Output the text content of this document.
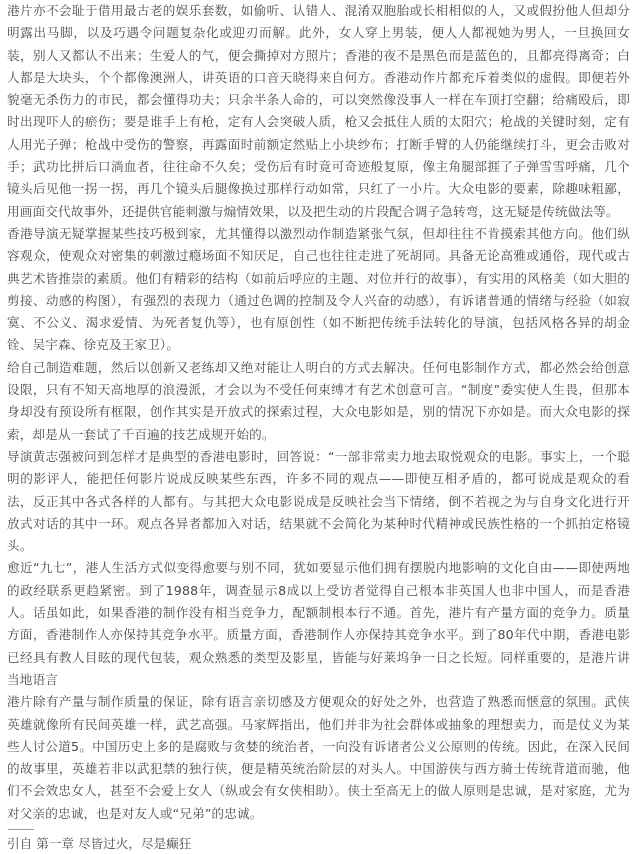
港片亦不会耻于借用最古老的娱乐套数，如偷听、认错人、混淆双胞胎或长相相似的人，又或假扮他人但却分明露出马脚，以及巧遇令问题复杂化或迎刃而解。此外，女人穿上男装，便人人都视她为男人，一旦换回女装，别人又都认不出来；生爱人的气，便会撕掉对方照片；香港的夜不是黑色而是蓝色的，且都亮得离奇；白人都是大块头，个个都像澳洲人，讲英语的口音天晓得来自何方。香港动作片都充斥着类似的虚假。即便若外貌毫无杀伤力的市民，都会懂得功夫；只余半条人命的，可以突然像没事人一样在车顶打空翻；给痛殴后，即时出现吓人的瘀伤；要是谁手上有枪，定有人会突破人质，枪又会抵住人质的太阳穴；枪战的关键时刻，定有人用光子弹；枪战中受伤的警察，再露面时前额定然贴上小块纱布；打断手臂的人仍能继续打斗，更会击败对手；武功比拼后口淌血者，往往命不久矣；受伤后有时竟可奇迹般复原，像主角腿部捱了子弹雪雪呼痛，几个镜头后见他一拐一拐，再几个镜头后腿像换过那样行动如常，只红了一小片。大众电影的要素，除趣味粗鄙，用画面交代故事外，还提供官能刺激与煽情效果，以及把生动的片段配合调子急转弯，这无疑是传统做法等。

香港导演无疑掌握某些技巧极到家，尤其懂得以激烈动作制造紧张气氛，但却往往不肯摸索其他方向。他们纵容观众，使观众对密集的刺激过瘾场面不知厌足，自己也往往走进了死胡同。具备无论高雅或通俗，现代或古典艺术皆推崇的素质。他们有精彩的结构（如前后呼应的主题、对位并行的故事），有实用的风格美（如大胆的剪接、动感的构图），有强烈的表现力（通过色调的控制及令人兴奋的动感），有诉诸普通的情绪与经验（如寂寞、不公义、渴求爱情、为死者复仇等），也有原创性（如不断把传统手法转化的导演，包括风格各异的胡金铨、吴宇森、徐克及王家卫）。

给自己制造难题，然后以创新又老练却又绝对能让人明白的方式去解决。任何电影制作方式，都必然会给创意设限，只有不知天高地厚的浪漫派，才会以为不受任何束缚才有艺术创意可言。“制度”委实使人生畏，但那本身却没有预设所有框限，创作其实是开放式的探索过程，大众电影如是，别的情况下亦如是。而大众电影的探索，却是从一套试了千百遍的技艺成规开始的。

导演黄志强被问到怎样才是典型的香港电影时，回答说：“一部非常卖力地去取悦观众的电影。事实上，一个聪明的影评人，能把任何影片说成反映某些东西，许多不同的观点——即使互相矛盾的，都可说成是观众的看法，反正其中各式各样的人都有。与其把大众电影说成是反映社会当下情绪，倒不若视之为与自身文化进行开放式对话的其中一环。观点各异者都加入对话，结果就不会简化为某种时代精神或民族性格的一个抓拍定格镜头。

愈近“九七”，港人生活方式似变得愈要与别不同，犹如要显示他们拥有摆脱内地影响的文化自由——即使两地的政经联系更趋紧密。到了1988年，调查显示8成以上受访者觉得自己根本非英国人也非中国人，而是香港人。话虽如此，如果香港的制作没有相当竞争力，配额制根本行不通。首先，港片有产量方面的竞争力。质量方面，香港制作人亦保持其竞争水平。质量方面，香港制作人亦保持其竞争水平。到了80年代中期，香港电影已经具有教人目眩的现代包装，观众熟悉的类型及影星，皆能与好莱坞争一日之长短。同样重要的，是港片讲当地语言

港片除有产量与制作质量的保证，除有语言亲切感及方便观众的好处之外，也营造了熟悉而惬意的氛围。武侠英雄就像所有民间英雄一样，武艺高强。马家辉指出，他们并非为社会群体或抽象的理想卖力，而是仗义为某些人讨公道5。中国历史上多的是腐败与贪婪的统治者，一向没有诉诸者公义公原则的传统。因此，在深入民间的故事里，英雄若非以武犯禁的独行侠，便是精英统治阶层的对头人。中国游侠与西方骑士传统背道而驰，他们不会效忠女人，甚至不会爱上女人（纵或会有女侠相助）。侠士至高无上的做人原则是忠诚，是对家庭，尤为对父亲的忠诚，也是对友人或“兄弟”的忠诚。

引自 第一章 尽皆过火，尽是癫狂
